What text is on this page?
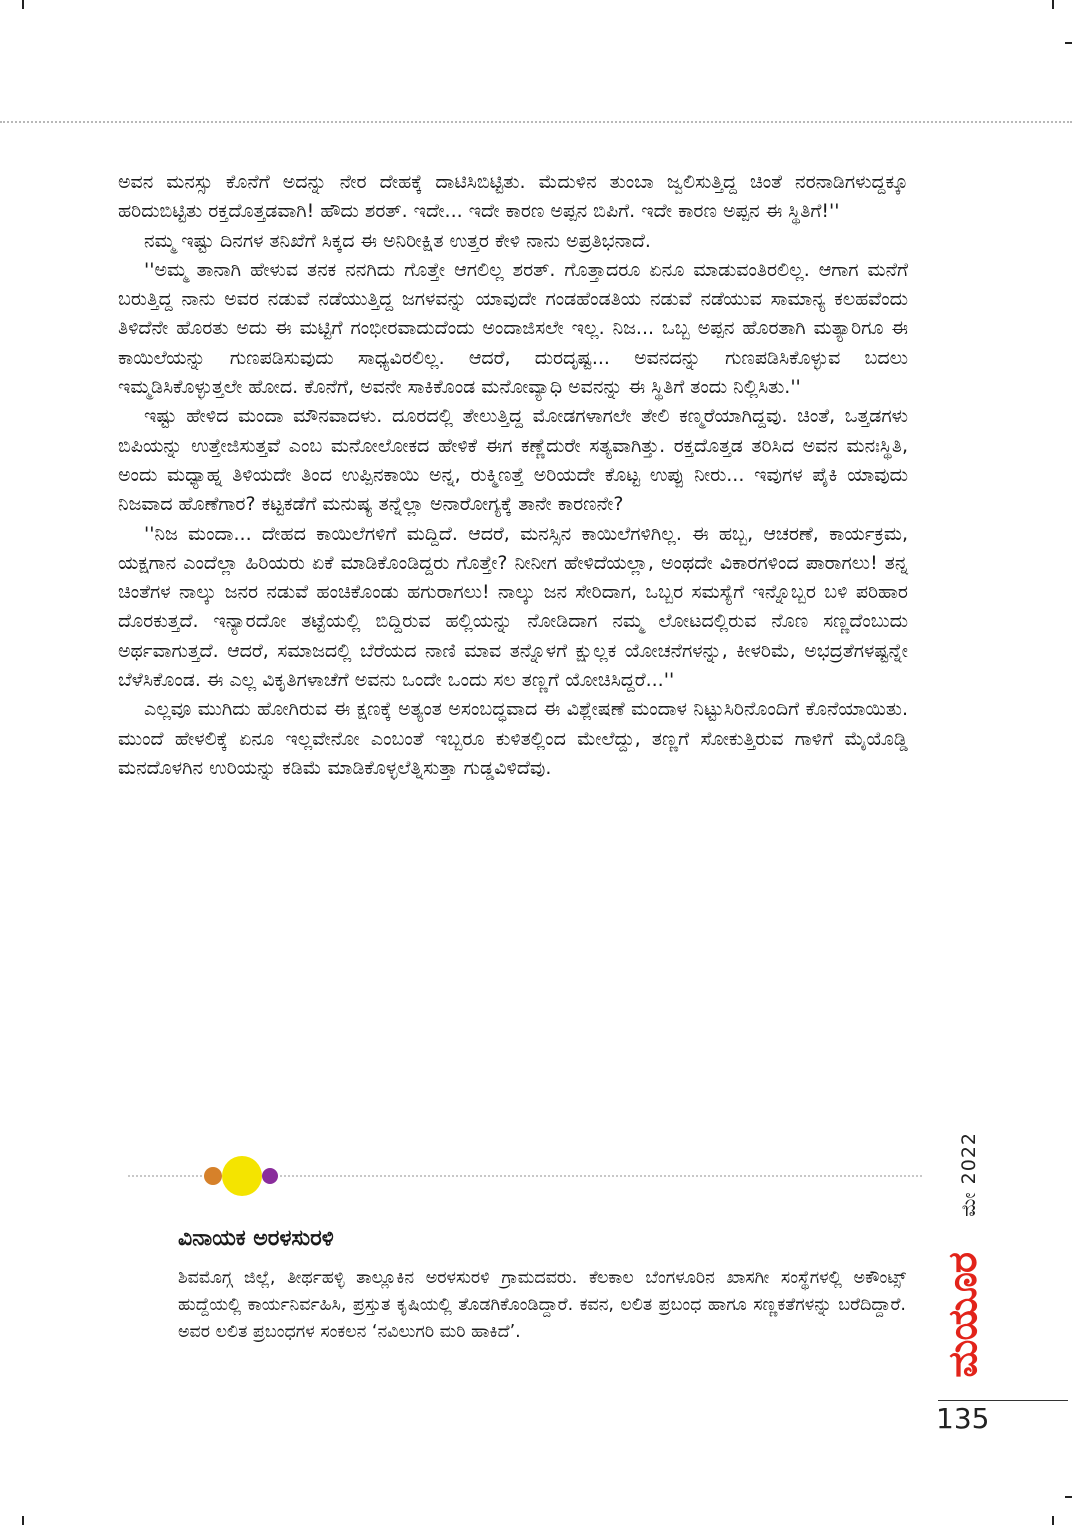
ಅವನ ಮನಸ್ಸು ಕೊನೆಗೆ ಅದನ್ನು ನೇರ ದೇಹಕ್ಕೆ ದಾಟಿಸಿಬಿಟ್ಟಿತು. ಮೆದುಳಿನ ತುಂಬಾ ಜ್ವಲಿಸುತ್ತಿದ್ದ ಚಿಂತೆ ನರನಾಡಿಗಳುದ್ದಕ್ಕೂ ಹರಿದುಬಿಟ್ಟಿತು ರಕ್ತದೊತ್ತಡವಾಗಿ! ಹೌದು ಶರತ್. ಇದೇ... ಇದೇ ಕಾರಣ ಅಪ್ಪನ ಬಿಪಿಗೆ. ಇದೇ ಕಾರಣ ಅಪ್ಪನ ಈ ಸ್ಥಿತಿಗೆ!''

ನಮ್ಮ ಇಷ್ಟು ದಿನಗಳ ತನಿಖೆಗೆ ಸಿಕ್ಕದ ಈ ಅನಿರೀಕ್ಷಿತ ಉತ್ತರ ಕೇಳಿ ನಾನು ಅಪ್ರತಿಭನಾದೆ.

''ಅಮ್ಮ ತಾನಾಗಿ ಹೇಳುವ ತನಕ ನನಗಿದು ಗೊತ್ತೇ ಆಗಲಿಲ್ಲ ಶರತ್. ಗೊತ್ತಾದರೂ ಏನೂ ಮಾಡುವಂತಿರಲಿಲ್ಲ. ಆಗಾಗ ಮನೆಗೆ ಬರುತ್ತಿದ್ದ ನಾನು ಅವರ ನಡುವೆ ನಡೆಯುತ್ತಿದ್ದ ಜಗಳವನ್ನು ಯಾವುದೇ ಗಂಡಹೆಂಡತಿಯ ನಡುವೆ ನಡೆಯುವ ಸಾಮಾನ್ಯ ಕಲಹವೆಂದು ತಿಳಿದೆನೇ ಹೊರತು ಅದು ಈ ಮಟ್ಟಿಗೆ ಗಂಭೀರವಾದುದೆಂದು ಅಂದಾಜಿಸಲೇ ಇಲ್ಲ. ನಿಜ... ಒಬ್ಬ ಅಪ್ಪನ ಹೊರತಾಗಿ ಮತ್ಯಾರಿಗೂ ಈ ಕಾಯಿಲೆಯನ್ನು ಗುಣಪಡಿಸುವುದು ಸಾಧ್ಯವಿರಲಿಲ್ಲ. ಆದರೆ, ದುರದೃಷ್ಟ... ಅವನದನ್ನು ಗುಣಪಡಿಸಿಕೊಳ್ಳುವ ಬದಲು ಇಮ್ಮಡಿಸಿಕೊಳ್ಳುತ್ತಲೇ ಹೋದ. ಕೊನೆಗೆ, ಅವನೇ ಸಾಕಿಕೊಂಡ ಮನೋವ್ಯಾಧಿ ಅವನನ್ನು ಈ ಸ್ಥಿತಿಗೆ ತಂದು ನಿಲ್ಲಿಸಿತು.''

ಇಷ್ಟು ಹೇಳಿದ ಮಂದಾ ಮೌನವಾದಳು. ದೂರದಲ್ಲಿ ತೇಲುತ್ತಿದ್ದ ಮೋಡಗಳಾಗಲೇ ತೇಲಿ ಕಣ್ಮರೆಯಾಗಿದ್ದವು. ಚಿಂತೆ, ಒತ್ತಡಗಳು ಬಿಪಿಯನ್ನು ಉತ್ತೇಜಿಸುತ್ತವೆ ಎಂಬ ಮನೋಲೋಕದ ಹೇಳಿಕೆ ಈಗ ಕಣ್ಣೆದುರೇ ಸತ್ಯವಾಗಿತ್ತು. ರಕ್ತದೊತ್ತಡ ತರಿಸಿದ ಅವನ ಮನಃಸ್ಥಿತಿ, ಅಂದು ಮಧ್ಯಾಹ್ನ ತಿಳಿಯದೇ ತಿಂದ ಉಪ್ಪಿನಕಾಯಿ ಅನ್ನ, ರುಕ್ಮಿಣತ್ತೆ ಅರಿಯದೇ ಕೊಟ್ಟ ಉಪ್ಪು ನೀರು... ಇವುಗಳ ಪೈಕಿ ಯಾವುದು ನಿಜವಾದ ಹೊಣೆಗಾರ? ಕಟ್ಟಕಡೆಗೆ ಮನುಷ್ಯ ತನ್ನೆಲ್ಲಾ ಅನಾರೋಗ್ಯಕ್ಕೆ ತಾನೇ ಕಾರಣನೇ?

''ನಿಜ ಮಂದಾ... ದೇಹದ ಕಾಯಿಲೆಗಳಿಗೆ ಮದ್ದಿದೆ. ಆದರೆ, ಮನಸ್ಸಿನ ಕಾಯಿಲೆಗಳಿಗಿಲ್ಲ. ಈ ಹಬ್ಬ, ಆಚರಣೆ, ಕಾರ್ಯಕ್ರಮ, ಯಕ್ಷಗಾನ ಎಂದೆಲ್ಲಾ ಹಿರಿಯರು ಏಕೆ ಮಾಡಿಕೊಂಡಿದ್ದರು ಗೊತ್ತೇ? ನೀನೀಗ ಹೇಳಿದೆಯಲ್ಲಾ, ಅಂಥದೇ ವಿಕಾರಗಳಿಂದ ಪಾರಾಗಲು! ತನ್ನ ಚಿಂತೆಗಳ ನಾಲ್ಕು ಜನರ ನಡುವೆ ಹಂಚಿಕೊಂಡು ಹಗುರಾಗಲು! ನಾಲ್ಕು ಜನ ಸೇರಿದಾಗ, ಒಬ್ಬರ ಸಮಸ್ಯೆಗೆ ಇನ್ನೊಬ್ಬರ ಬಳಿ ಪರಿಹಾರ ದೊರಕುತ್ತದೆ. ಇನ್ಯಾರದೋ ತಟ್ಟೆಯಲ್ಲಿ ಬಿದ್ದಿರುವ ಹಲ್ಲಿಯನ್ನು ನೋಡಿದಾಗ ನಮ್ಮ ಲೋಟದಲ್ಲಿರುವ ನೊಣ ಸಣ್ಣದೆಂಬುದು ಅರ್ಥವಾಗುತ್ತದೆ. ಆದರೆ, ಸಮಾಜದಲ್ಲಿ ಬೆರೆಯದ ನಾಣಿ ಮಾವ ತನ್ನೊಳಗೆ ಕ್ಷುಲ್ಲಕ ಯೋಚನೆಗಳನ್ನು, ಕೀಳರಿಮೆ, ಅಭದ್ರತೆಗಳಷ್ಟನ್ನೇ ಬೆಳೆಸಿಕೊಂಡ. ಈ ಎಲ್ಲ ವಿಕೃತಿಗಳಾಚೆಗೆ ಅವನು ಒಂದೇ ಒಂದು ಸಲ ತಣ್ಣಗೆ ಯೋಚಿಸಿದ್ದರೆ...''

ಎಲ್ಲವೂ ಮುಗಿದು ಹೋಗಿರುವ ಈ ಕ್ಷಣಕ್ಕೆ ಅತ್ಯಂತ ಅಸಂಬದ್ಧವಾದ ಈ ವಿಶ್ಲೇಷಣೆ ಮಂದಾಳ ನಿಟ್ಟುಸಿರಿನೊಂದಿಗೆ ಕೊನೆಯಾಯಿತು. ಮುಂದೆ ಹೇಳಲಿಕ್ಕೆ ಏನೂ ಇಲ್ಲವೇನೋ ಎಂಬಂತೆ ಇಬ್ಬರೂ ಕುಳಿತಲ್ಲಿಂದ ಮೇಲೆದ್ದು, ತಣ್ಣಗೆ ಸೋಕುತ್ತಿರುವ ಗಾಳಿಗೆ ಮೈಯೊಡ್ಡಿ ಮನದೊಳಗಿನ ಉರಿಯನ್ನು ಕಡಿಮೆ ಮಾಡಿಕೊಳ್ಳಲೆತ್ನಿಸುತ್ತಾ ಗುಡ್ಡವಿಳಿದೆವು.

ವಿನಾಯಕ ಅರಳಸುರಳಿ

ಶಿವಮೊಗ್ಗ ಜಿಲ್ಲೆ, ತೀರ್ಥಹಳ್ಳಿ ತಾಲ್ಲೂಕಿನ ಅರಳಸುರಳಿ ಗ್ರಾಮದವರು. ಕೆಲಕಾಲ ಬೆಂಗಳೂರಿನ ಖಾಸಗೀ ಸಂಸ್ಥೆಗಳಲ್ಲಿ ಅಕೌಂಟ್ಸ್ ಹುದ್ದೆಯಲ್ಲಿ ಕಾರ್ಯನಿರ್ವಹಿಸಿ, ಪ್ರಸ್ತುತ ಕೃಷಿಯಲ್ಲಿ ತೊಡಗಿಕೊಂಡಿದ್ದಾರೆ. ಕವನ, ಲಲಿತ ಪ್ರಬಂಧ ಹಾಗೂ ಸಣ್ಣಕತೆಗಳನ್ನು ಬರೆದಿದ್ದಾರೆ. ಅವರ ಲಲಿತ ಪ್ರಬಂಧಗಳ ಸಂಕಲನ ‘ನವಿಲುಗರಿ ಮರಿ ಹಾಕಿದೆ’.

ಮೇ 2022
ಮಯೂರ
135
